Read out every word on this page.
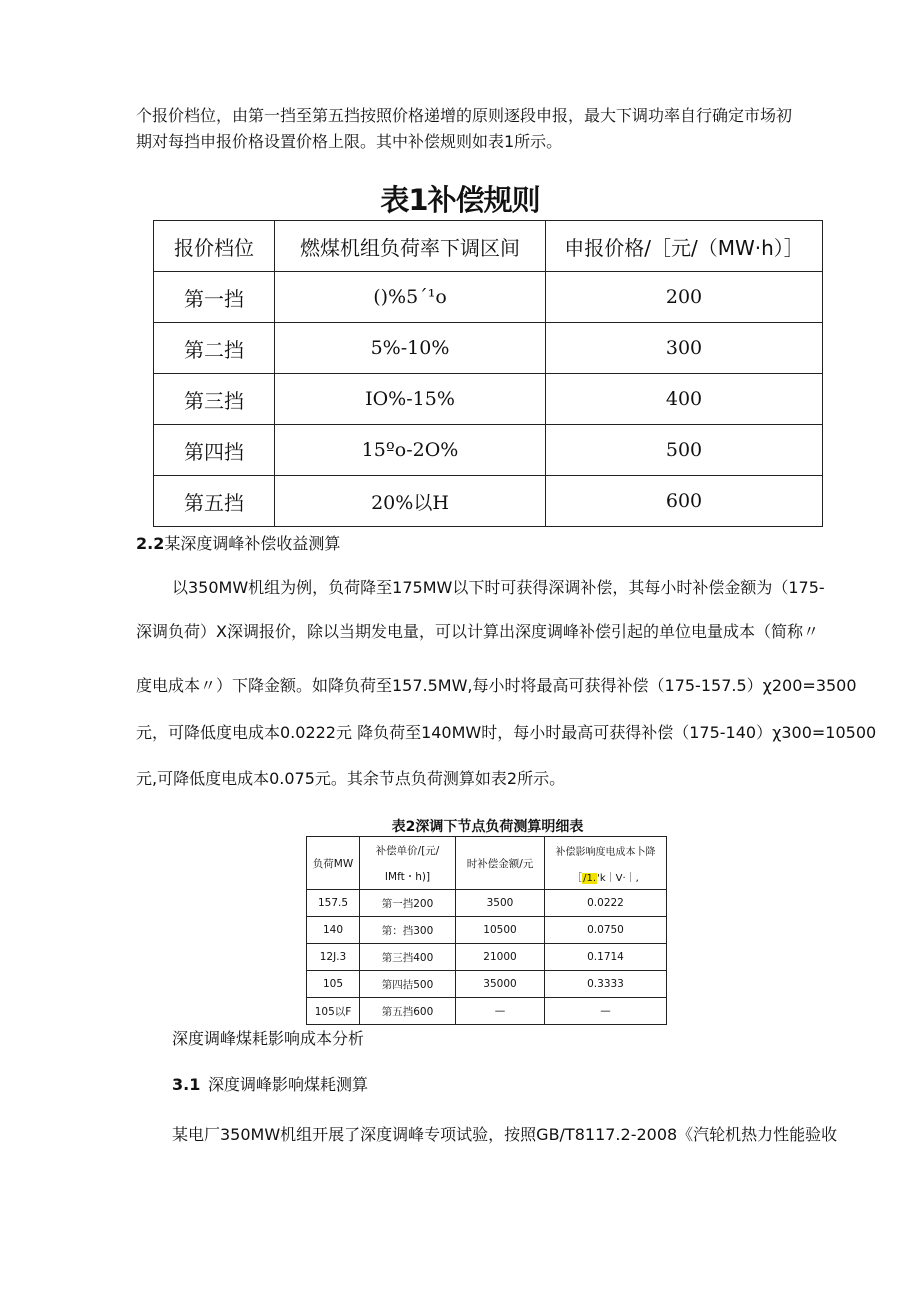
个报价档位，由第一挡至第五挡按照价格递增的原则逐段申报，最大下调功率自行确定市场初
期对每挡申报价格设置价格上限。其中补偿规则如表1所示。
表1补偿规则
报价档位	燃煤机组负荷率下调区间	申报价格/［元/（MW·h）］
第一挡	()%5´¹o	200
第二挡	5%-10%	300
第三挡	IO%-15%	400
第四挡	15ºo-2O%	500
第五挡	20%以H	600
2.2某深度调峰补偿收益测算
以350MW机组为例，负荷降至175MW以下时可获得深调补偿，其每小时补偿金额为（175-
深调负荷）X深调报价，除以当期发电量，可以计算出深度调峰补偿引起的单位电量成本（简称〃
度电成本〃）下降金额。如降负荷至157.5MW,每小时将最高可获得补偿（175-157.5）χ200=3500
元，可降低度电成本0.0222元 降负荷至140MW时，每小时最高可获得补偿（175-140）χ300=10500
元,可降低度电成本0.075元。其余节点负荷测算如表2所示。
表2深调下节点负荷测算明细表
负荷MW	补偿单价/[元/	时补偿金额/元	补偿影响度电成本卜降
	IMft・h)]		［/1.'k｜V·｜,
157.5	第一挡200	3500	0.0222
140	第：挡300	10500	0.0750
12J.3	第三挡400	21000	0.1714
105	第四拮500	35000	0.3333
105以F	第五挡600	—	—
深度调峰煤耗影响成本分析
3.1 深度调峰影响煤耗测算
某电厂350MW机组开展了深度调峰专项试验，按照GB/T8117.2-2008《汽轮机热力性能验收
